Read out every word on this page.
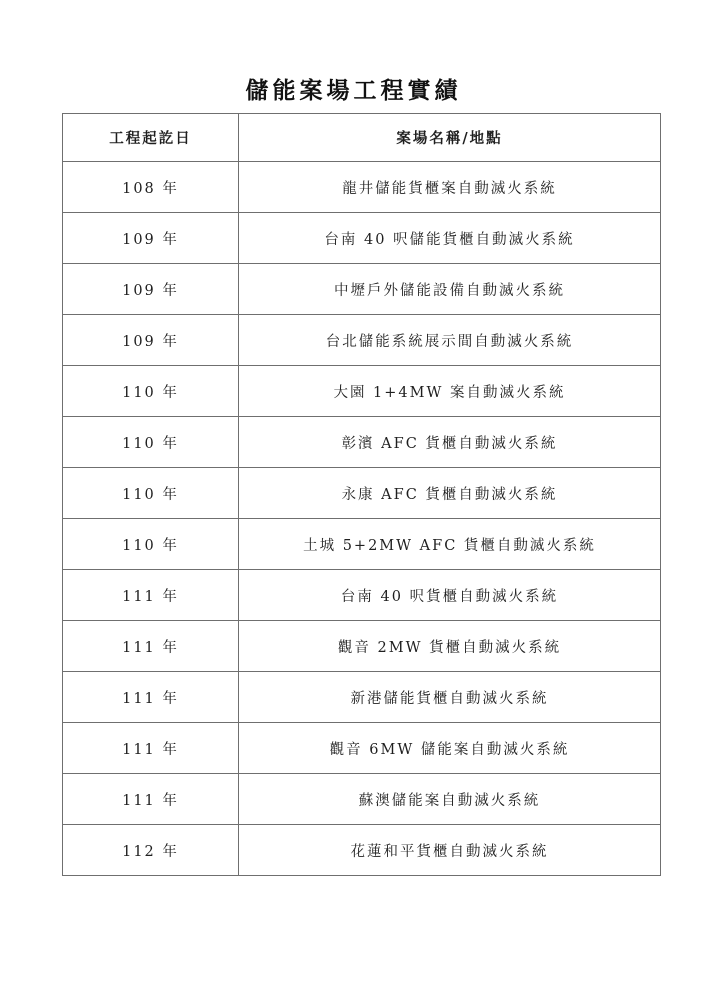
儲能案場工程實績
工程起訖日	案場名稱/地點
108 年	龍井儲能貨櫃案自動滅火系統
109 年	台南 40 呎儲能貨櫃自動滅火系統
109 年	中壢戶外儲能設備自動滅火系統
109 年	台北儲能系統展示間自動滅火系統
110 年	大園 1+4MW 案自動滅火系統
110 年	彰濱 AFC 貨櫃自動滅火系統
110 年	永康 AFC 貨櫃自動滅火系統
110 年	土城 5+2MW AFC 貨櫃自動滅火系統
111 年	台南 40 呎貨櫃自動滅火系統
111 年	觀音 2MW 貨櫃自動滅火系統
111 年	新港儲能貨櫃自動滅火系統
111 年	觀音 6MW 儲能案自動滅火系統
111 年	蘇澳儲能案自動滅火系統
112 年	花蓮和平貨櫃自動滅火系統
